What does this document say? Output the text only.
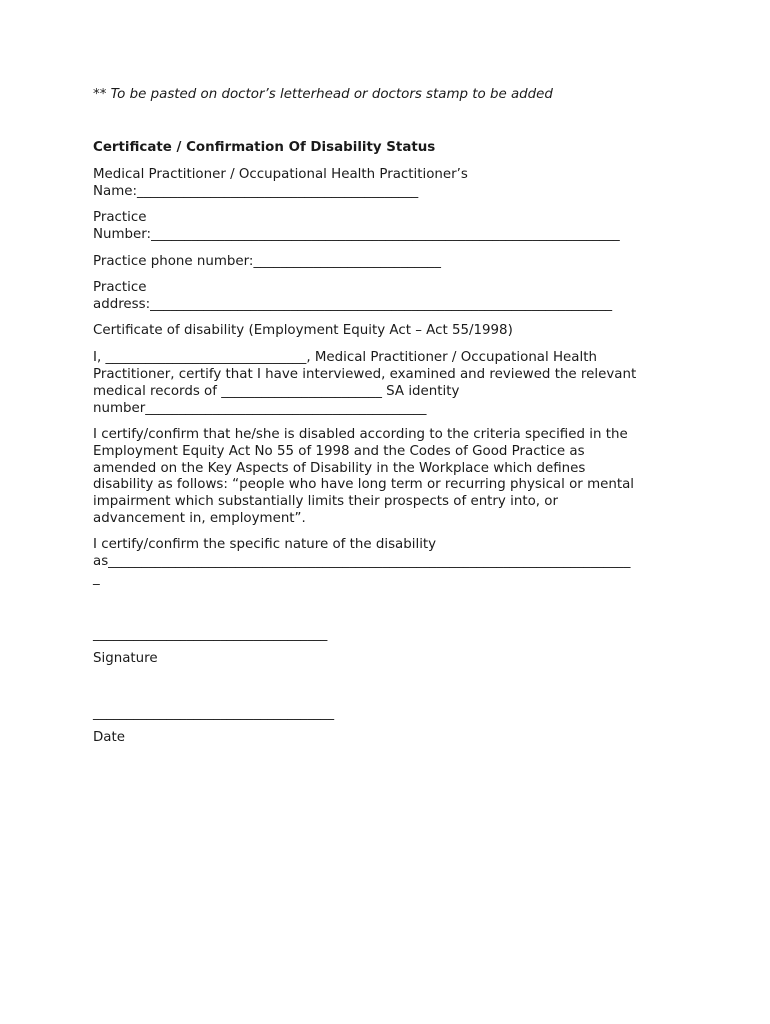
** To be pasted on doctor’s letterhead or doctors stamp to be added
Certificate / Confirmation Of Disability Status
Medical Practitioner / Occupational Health Practitioner’s
Name:__________________________________________
Practice
Number:______________________________________________________________________
Practice phone number:____________________________
Practice
address:_____________________________________________________________________
Certificate of disability (Employment Equity Act – Act 55/1998)
I, ______________________________, Medical Practitioner / Occupational Health
Practitioner, certify that I have interviewed, examined and reviewed the relevant
medical records of ________________________ SA identity
number__________________________________________
I certify/confirm that he/she is disabled according to the criteria specified in the
Employment Equity Act No 55 of 1998 and the Codes of Good Practice as
amended on the Key Aspects of Disability in the Workplace which defines
disability as follows: “people who have long term or recurring physical or mental
impairment which substantially limits their prospects of entry into, or
advancement in, employment”.
I certify/confirm the specific nature of the disability
as______________________________________________________________________________
_
___________________________________
Signature
____________________________________
Date
